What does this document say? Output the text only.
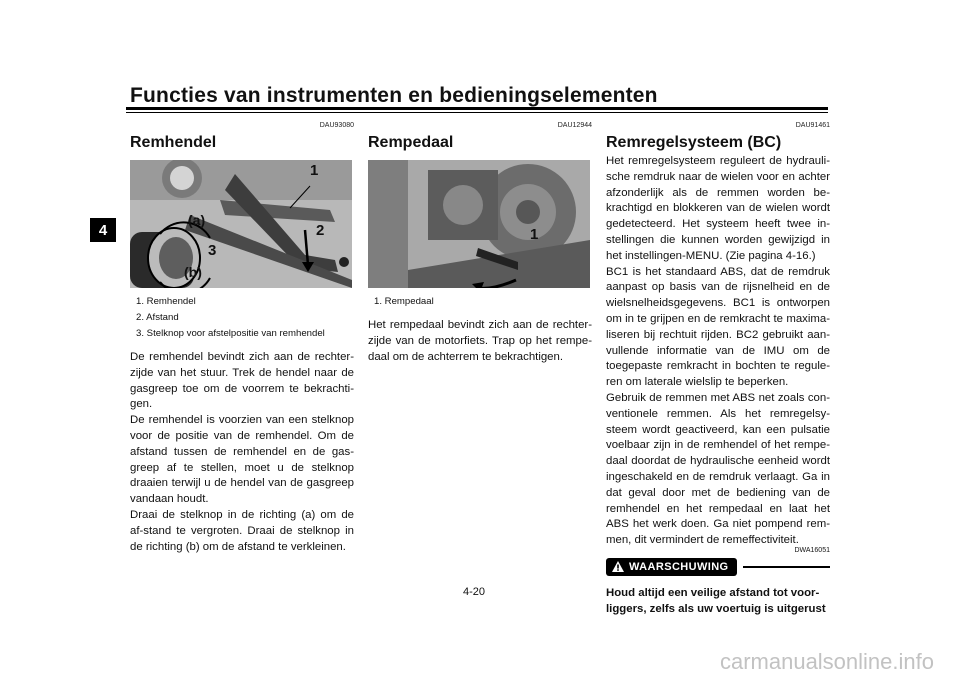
Functies van instrumenten en bedieningselementen
4
DAU93080
Remhendel
1
2
3
(a)
(b)
1. Remhendel
2. Afstand
3. Stelknop voor afstelpositie van remhendel

De remhendel bevindt zich aan de rechter-zijde van het stuur. Trek de hendel naar de gasgreep toe om de voorrem te bekrachti-gen.

De remhendel is voorzien van een stelknop voor de positie van de remhendel. Om de afstand tussen de remhendel en de gas-greep af te stellen, moet u de stelknop draaien terwijl u de hendel van de gasgreep vandaan houdt.

Draai de stelknop in de richting (a) om de af-stand te vergroten. Draai de stelknop in de richting (b) om de afstand te verkleinen.

DAU12944
Rempedaal
1
1. Rempedaal

Het rempedaal bevindt zich aan de rechter-zijde van de motorfiets. Trap op het rempe-daal om de achterrem te bekrachtigen.

DAU91461
Remregelsysteem (BC)

Het remregelsysteem reguleert de hydrauli-sche remdruk naar de wielen voor en achter afzonderlijk als de remmen worden be-krachtigd en blokkeren van de wielen wordt gedetecteerd. Het systeem heeft twee in-stellingen die kunnen worden gewijzigd in het instellingen-MENU. (Zie pagina 4-16.)

BC1 is het standaard ABS, dat de remdruk aanpast op basis van de rijsnelheid en de wielsnelheidsgegevens. BC1 is ontworpen om in te grijpen en de remkracht te maxima-liseren bij rechtuit rijden. BC2 gebruikt aan-vullende informatie van de IMU om de toegepaste remkracht in bochten te regule-ren om laterale wielslip te beperken.

Gebruik de remmen met ABS net zoals con-ventionele remmen. Als het remregelsy-steem wordt geactiveerd, kan een pulsatie voelbaar zijn in de remhendel of het rempe-daal doordat de hydraulische eenheid wordt ingeschakeld en de remdruk verlaagt. Ga in dat geval door met de bediening van de remhendel en het rempedaal en laat het ABS het werk doen. Ga niet pompend rem-men, dit vermindert de remeffectiviteit.

DWA16051
WAARSCHUWING
Houd altijd een veilige afstand tot voor-liggers, zelfs als uw voertuig is uitgerust
4-20
carmanualsonline.info
